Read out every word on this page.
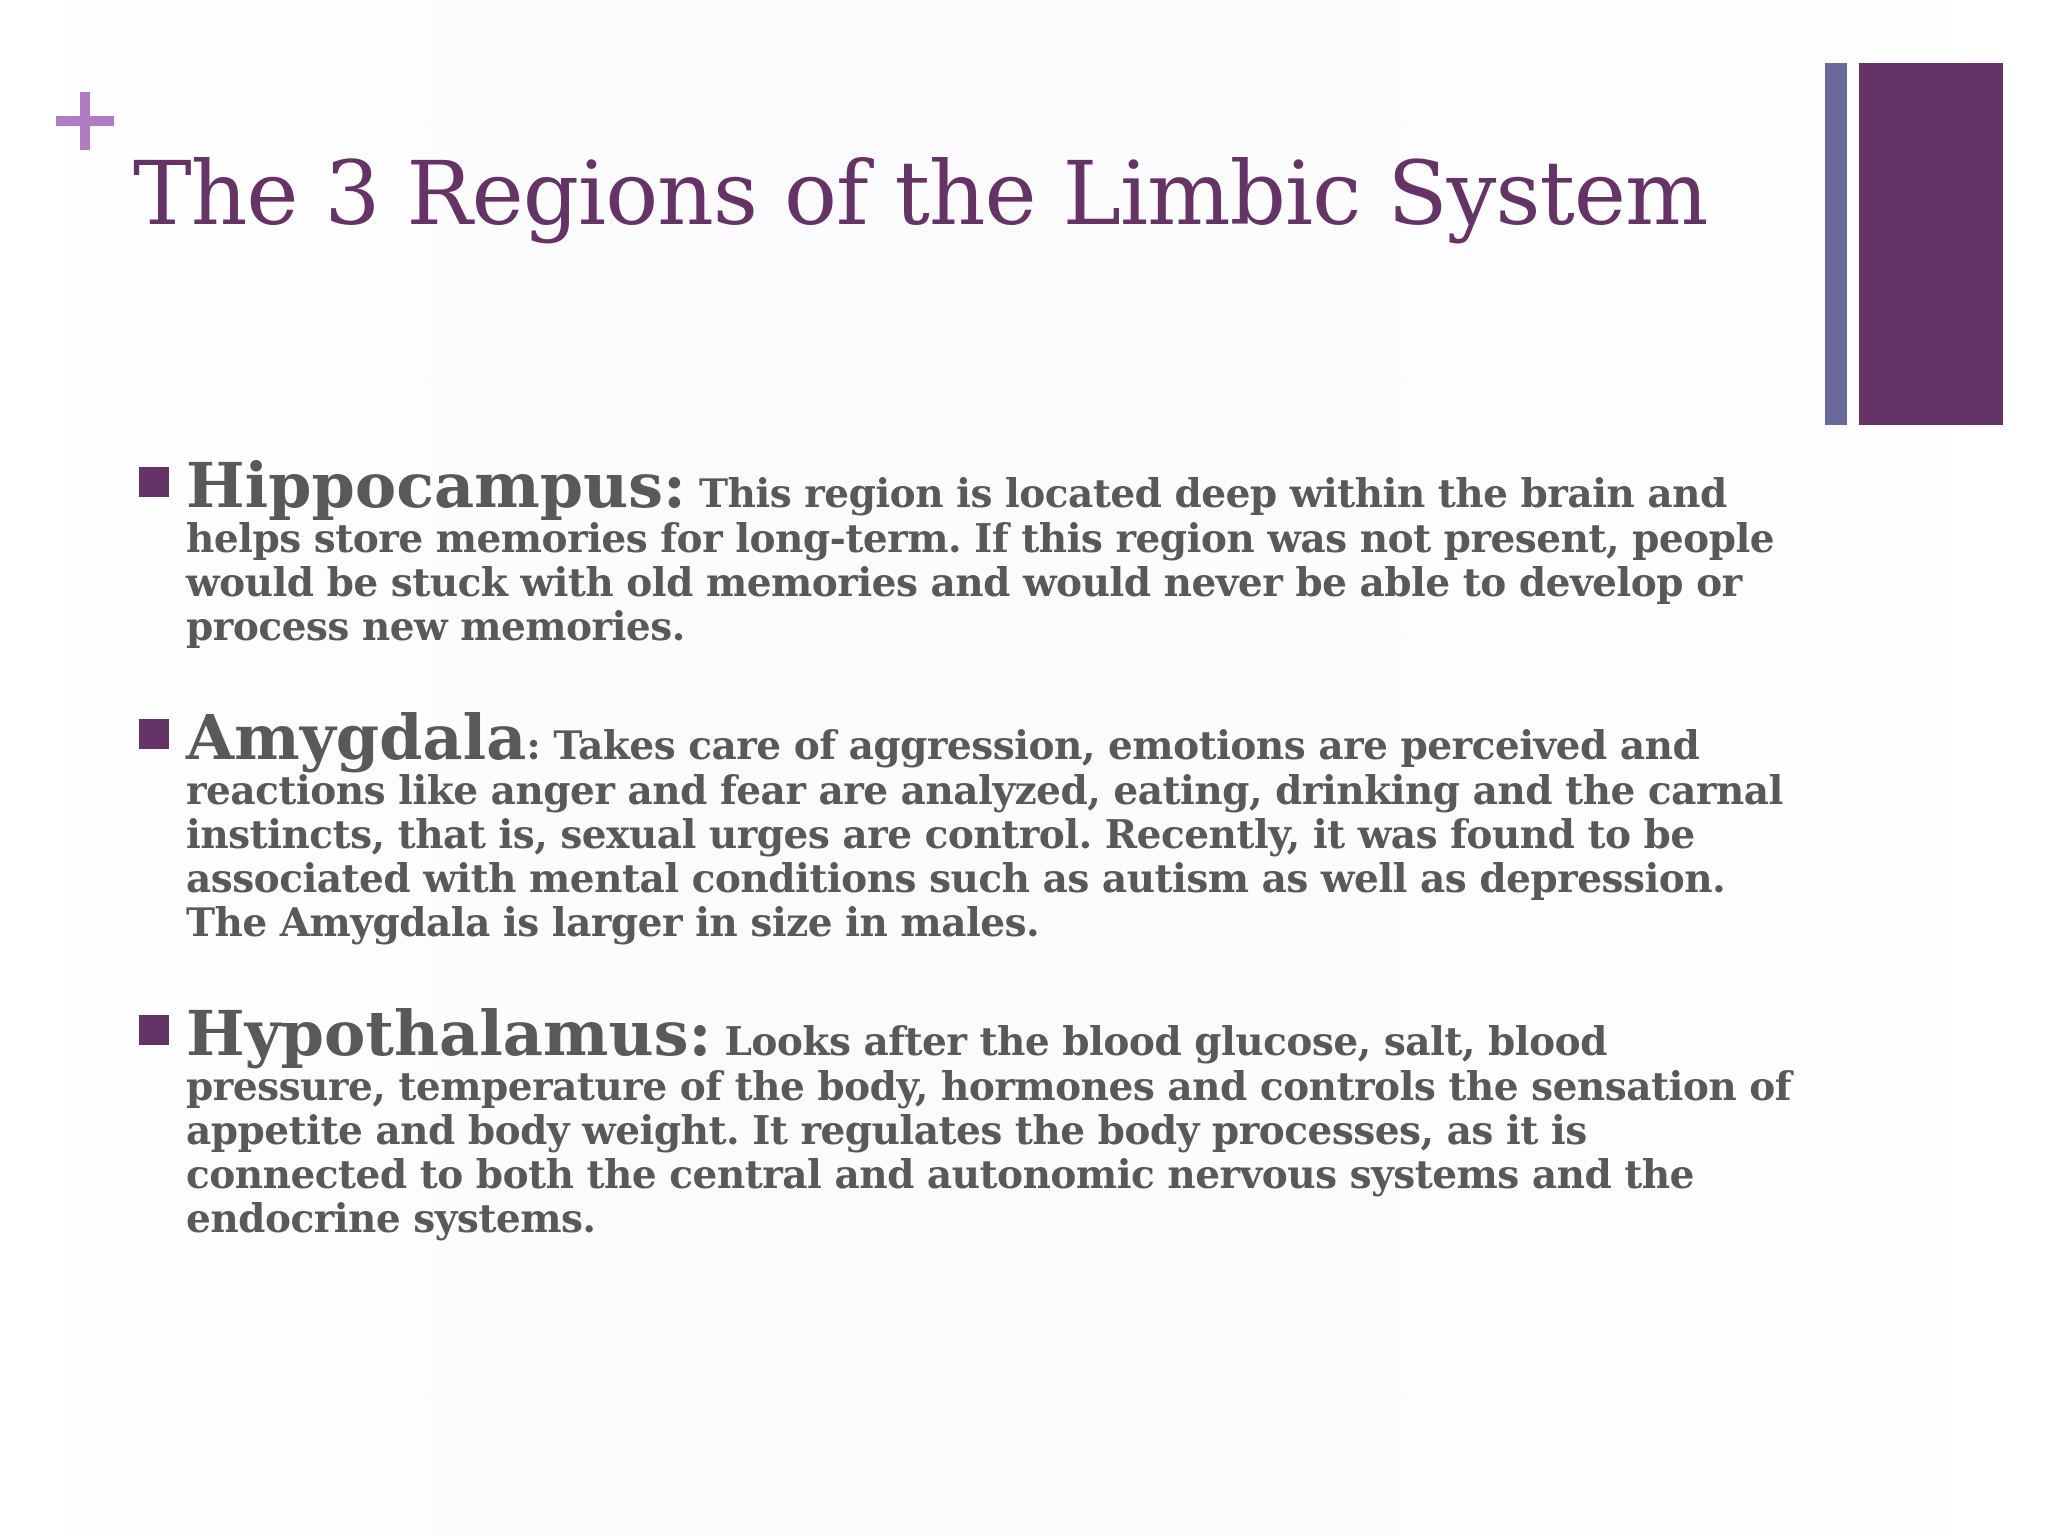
The 3 Regions of the Limbic System
Hippocampus: This region is located deep within the brain and helps store memories for long-term. If this region was not present, people would be stuck with old memories and would never be able to develop or process new memories.
Amygdala: Takes care of aggression, emotions are perceived and reactions like anger and fear are analyzed, eating, drinking and the carnal instincts, that is, sexual urges are control. Recently, it was found to be associated with mental conditions such as autism as well as depression. The Amygdala is larger in size in males.
Hypothalamus: Looks after the blood glucose, salt, blood pressure, temperature of the body, hormones and controls the sensation of appetite and body weight. It regulates the body processes, as it is connected to both the central and autonomic nervous systems and the endocrine systems.
